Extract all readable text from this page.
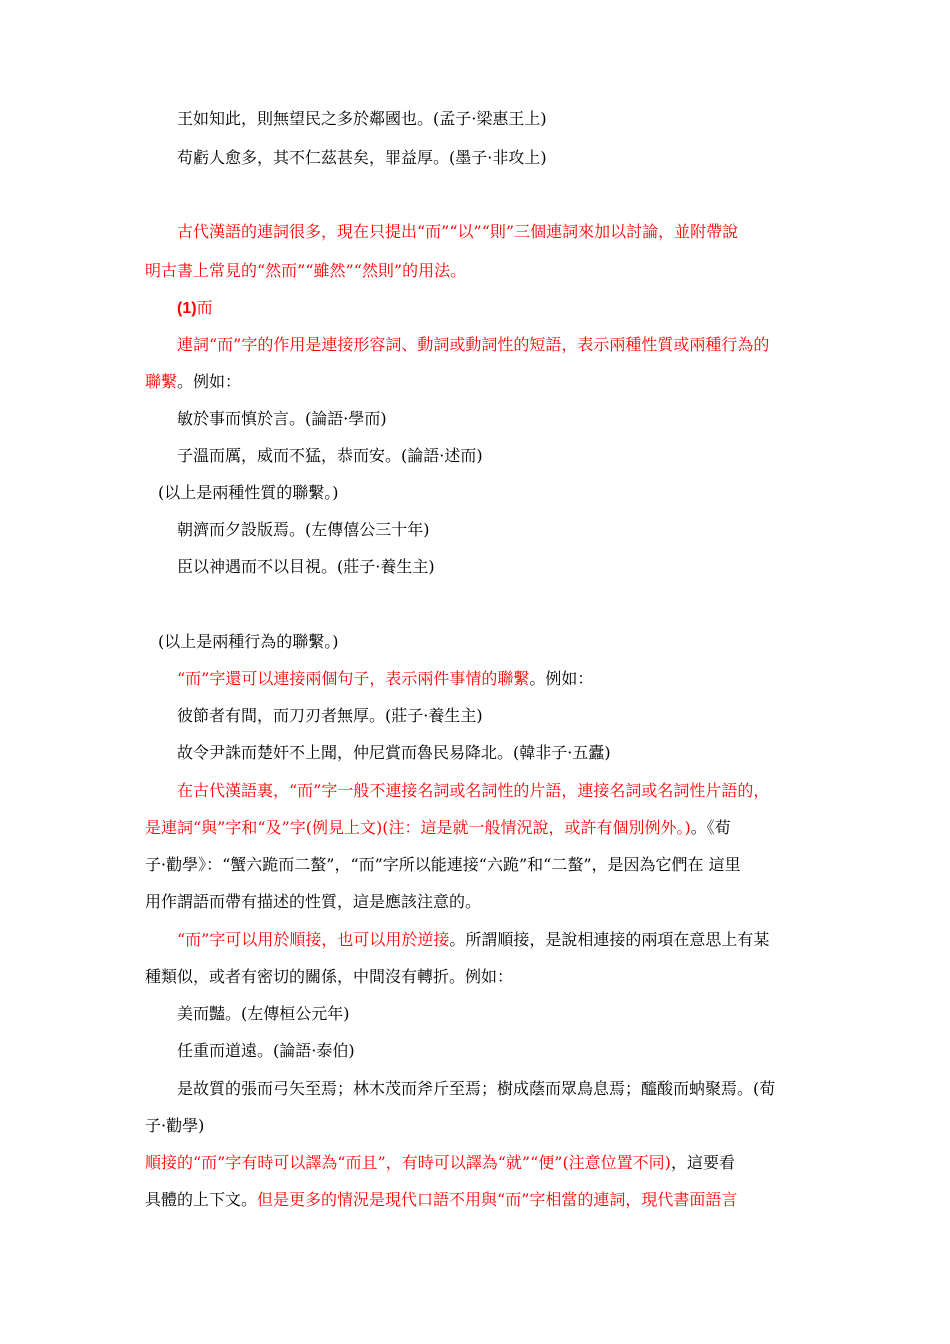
王如知此，則無望民之多於鄰國也。(孟子·梁惠王上)
苟虧人愈多，其不仁茲甚矣，罪益厚。(墨子·非攻上)
古代漢語的連詞很多，現在只提出“而”“以”“則”三個連詞來加以討論，並附帶說
明古書上常見的“然而”“雖然”“然則”的用法。
(1)而
連詞“而”字的作用是連接形容詞、動詞或動詞性的短語，表示兩種性質或兩種行為的
聯繫。例如：
敏於事而慎於言。(論語·學而)
子溫而厲，威而不猛，恭而安。(論語·述而)
(以上是兩種性質的聯繫。)
朝濟而夕設版焉。(左傳僖公三十年)
臣以神遇而不以目視。(莊子·養生主)
(以上是兩種行為的聯繫。)
“而”字還可以連接兩個句子，表示兩件事情的聯繫。例如：
彼節者有間，而刀刃者無厚。(莊子·養生主)
故令尹誅而楚奸不上聞，仲尼賞而魯民易降北。(韓非子·五蠹)
在古代漢語裏，“而”字一般不連接名詞或名詞性的片語，連接名詞或名詞性片語的，
是連詞“與”字和“及”字(例見上文)(注：這是就一般情況說，或許有個別例外。)。《荀
子·勸學》：“蟹六跪而二螯”，“而”字所以能連接“六跪”和“二螯”，是因為它們在 這里
用作謂語而帶有描述的性質，這是應該注意的。
“而”字可以用於順接，也可以用於逆接。所謂順接，是說相連接的兩項在意思上有某
種類似，或者有密切的關係，中間沒有轉折。例如：
美而豔。(左傳桓公元年)
任重而道遠。(論語·泰伯)
是故質的張而弓矢至焉；林木茂而斧斤至焉；樹成蔭而眾鳥息焉；醯酸而蚋聚焉。(荀
子·勸學)
順接的“而”字有時可以譯為“而且”，有時可以譯為“就”“便”(注意位置不同)，這要看
具體的上下文。但是更多的情況是現代口語不用與“而”字相當的連詞，現代書面語言
